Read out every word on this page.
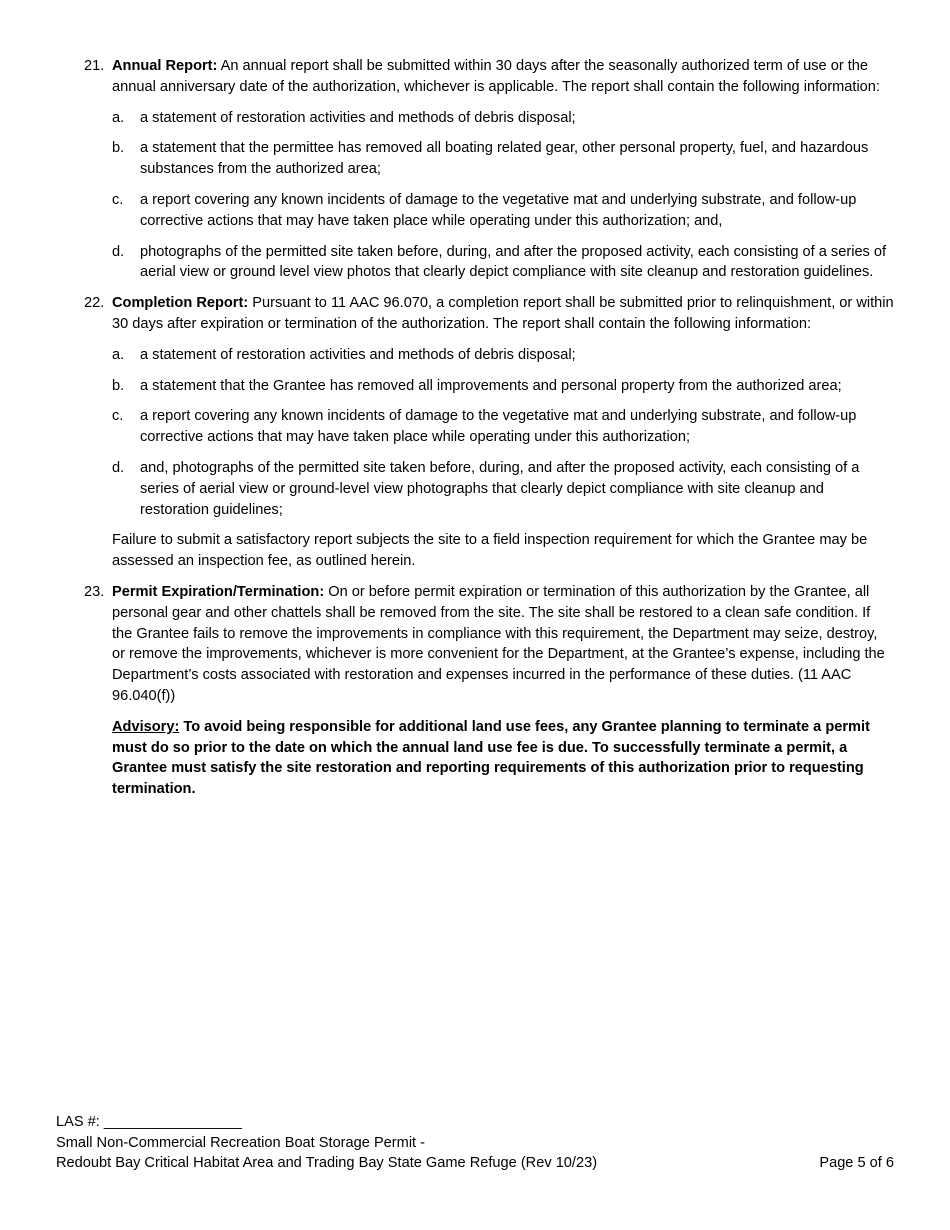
21. Annual Report: An annual report shall be submitted within 30 days after the seasonally authorized term of use or the annual anniversary date of the authorization, whichever is applicable. The report shall contain the following information:
a. a statement of restoration activities and methods of debris disposal;
b. a statement that the permittee has removed all boating related gear, other personal property, fuel, and hazardous substances from the authorized area;
c. a report covering any known incidents of damage to the vegetative mat and underlying substrate, and follow-up corrective actions that may have taken place while operating under this authorization; and,
d. photographs of the permitted site taken before, during, and after the proposed activity, each consisting of a series of aerial view or ground level view photos that clearly depict compliance with site cleanup and restoration guidelines.
22. Completion Report: Pursuant to 11 AAC 96.070, a completion report shall be submitted prior to relinquishment, or within 30 days after expiration or termination of the authorization. The report shall contain the following information:
a. a statement of restoration activities and methods of debris disposal;
b. a statement that the Grantee has removed all improvements and personal property from the authorized area;
c. a report covering any known incidents of damage to the vegetative mat and underlying substrate, and follow-up corrective actions that may have taken place while operating under this authorization;
d. and, photographs of the permitted site taken before, during, and after the proposed activity, each consisting of a series of aerial view or ground-level view photographs that clearly depict compliance with site cleanup and restoration guidelines;
Failure to submit a satisfactory report subjects the site to a field inspection requirement for which the Grantee may be assessed an inspection fee, as outlined herein.
23. Permit Expiration/Termination: On or before permit expiration or termination of this authorization by the Grantee, all personal gear and other chattels shall be removed from the site. The site shall be restored to a clean safe condition. If the Grantee fails to remove the improvements in compliance with this requirement, the Department may seize, destroy, or remove the improvements, whichever is more convenient for the Department, at the Grantee’s expense, including the Department’s costs associated with restoration and expenses incurred in the performance of these duties. (11 AAC 96.040(f))
Advisory: To avoid being responsible for additional land use fees, any Grantee planning to terminate a permit must do so prior to the date on which the annual land use fee is due. To successfully terminate a permit, a Grantee must satisfy the site restoration and reporting requirements of this authorization prior to requesting termination.
LAS #: _________________
Small Non-Commercial Recreation Boat Storage Permit -
Redoubt Bay Critical Habitat Area and Trading Bay State Game Refuge (Rev 10/23)	Page 5 of 6
